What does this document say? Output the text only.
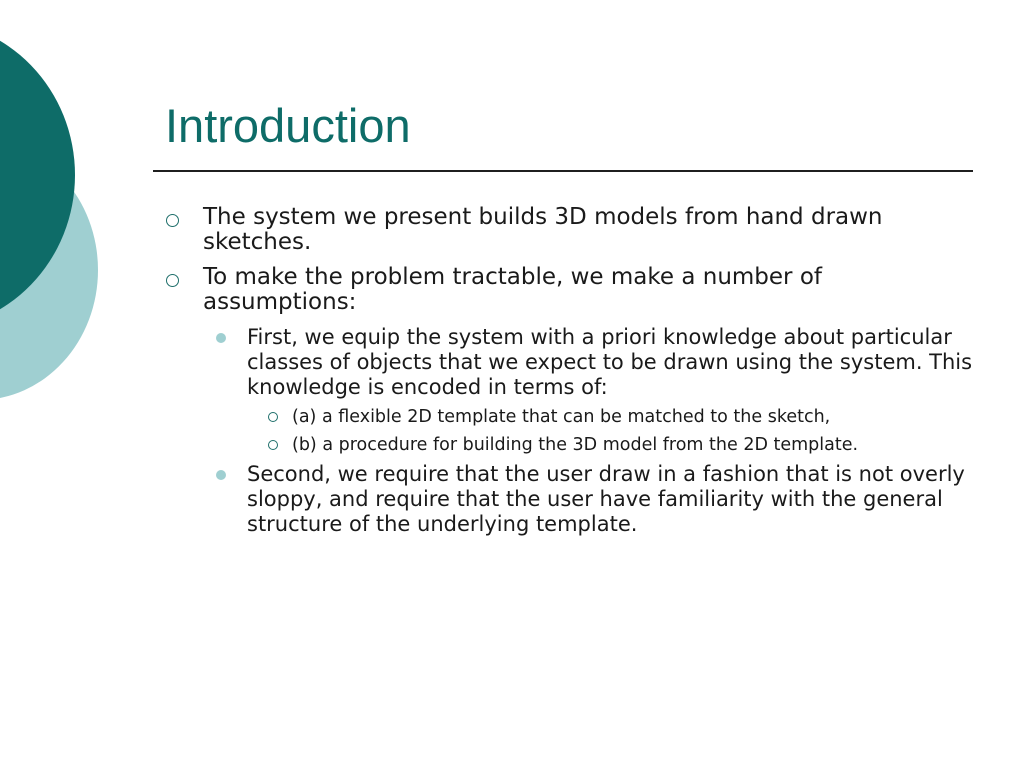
Introduction
The system we present builds 3D models from hand drawn sketches.
To make the problem tractable, we make a number of assumptions:
First, we equip the system with a priori knowledge about particular classes of objects that we expect to be drawn using the system. This knowledge is encoded in terms of:
(a) a flexible 2D template that can be matched to the sketch,
(b) a procedure for building the 3D model from the 2D template.
Second, we require that the user draw in a fashion that is not overly sloppy, and require that the user have familiarity with the general structure of the underlying template.
